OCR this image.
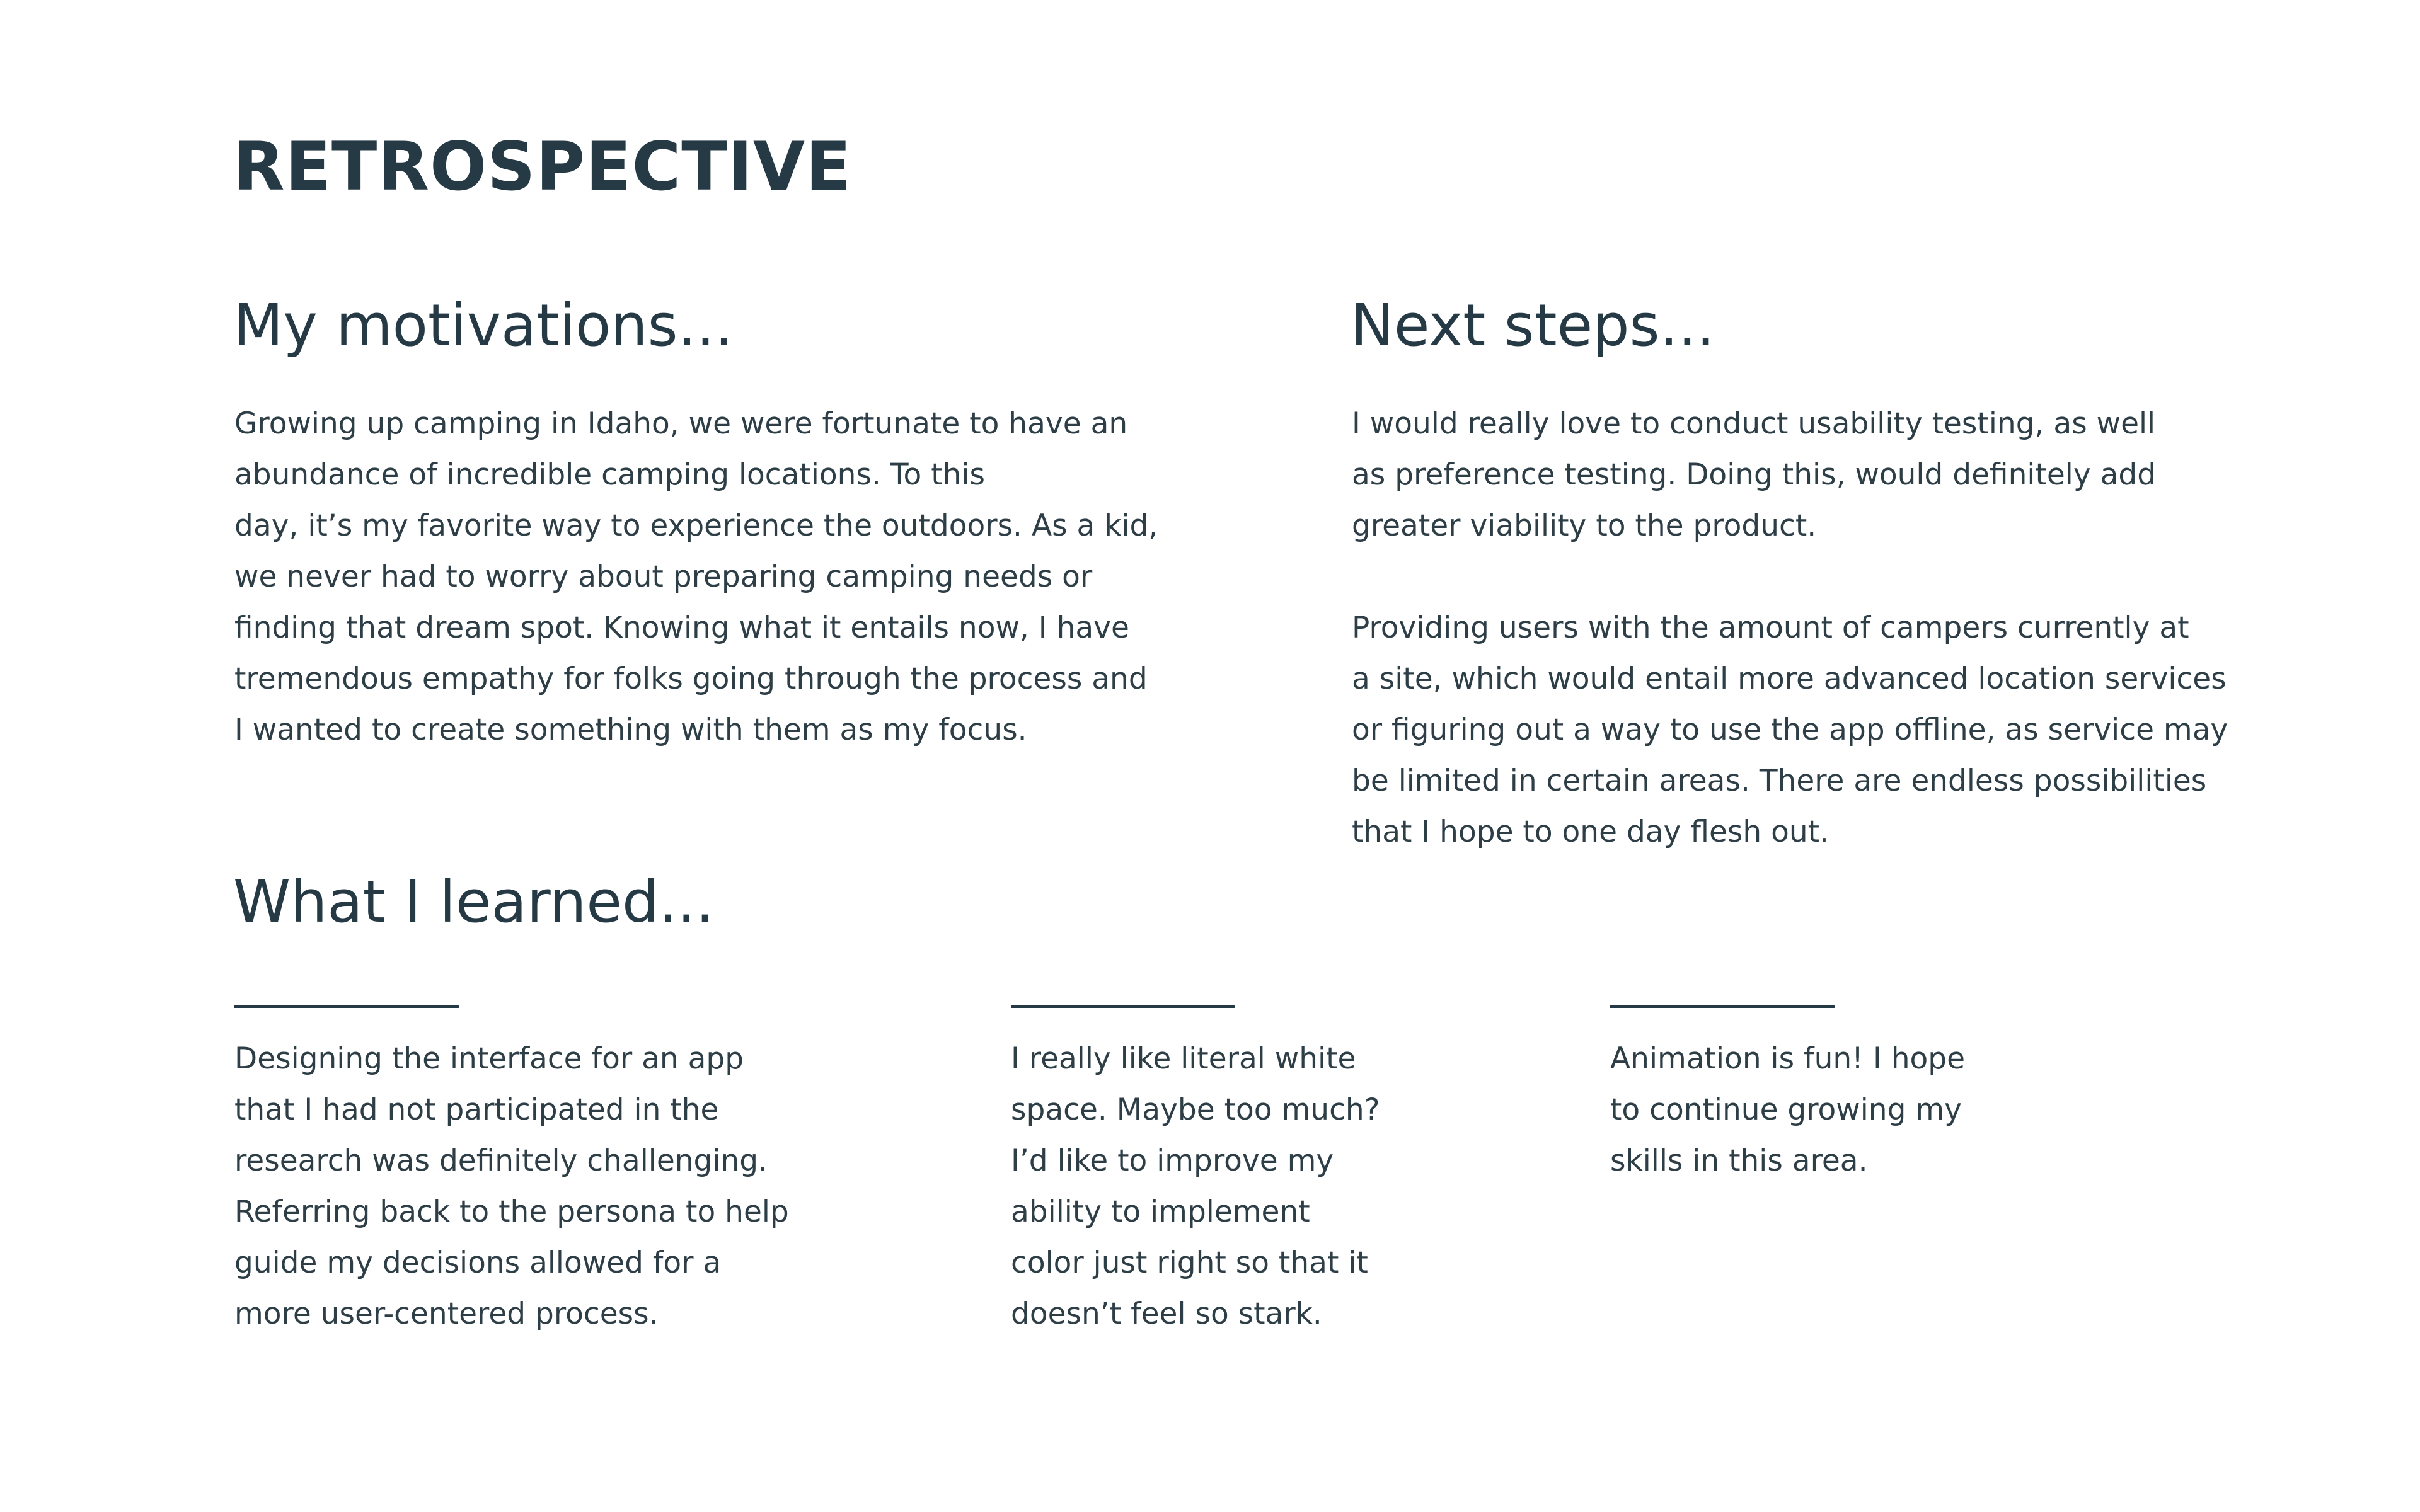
RETROSPECTIVE
My motivations...
Growing up camping in Idaho, we were fortunate to have an
abundance of incredible camping locations. To this
day, it’s my favorite way to experience the outdoors. As a kid,
we never had to worry about preparing camping needs or
finding that dream spot. Knowing what it entails now, I have
tremendous empathy for folks going through the process and
I wanted to create something with them as my focus.
Next steps...
I would really love to conduct usability testing, as well
as preference testing. Doing this, would definitely add
greater viability to the product.
Providing users with the amount of campers currently at
a site, which would entail more advanced location services
or figuring out a way to use the app offline, as service may
be limited in certain areas. There are endless possibilities
that I hope to one day flesh out.
What I learned...
Designing the interface for an app
that I had not participated in the
research was definitely challenging.
Referring back to the persona to help
guide my decisions allowed for a
more user-centered process.
I really like literal white
space. Maybe too much?
I’d like to improve my
ability to implement
color just right so that it
doesn’t feel so stark.
Animation is fun! I hope
to continue growing my
skills in this area.
